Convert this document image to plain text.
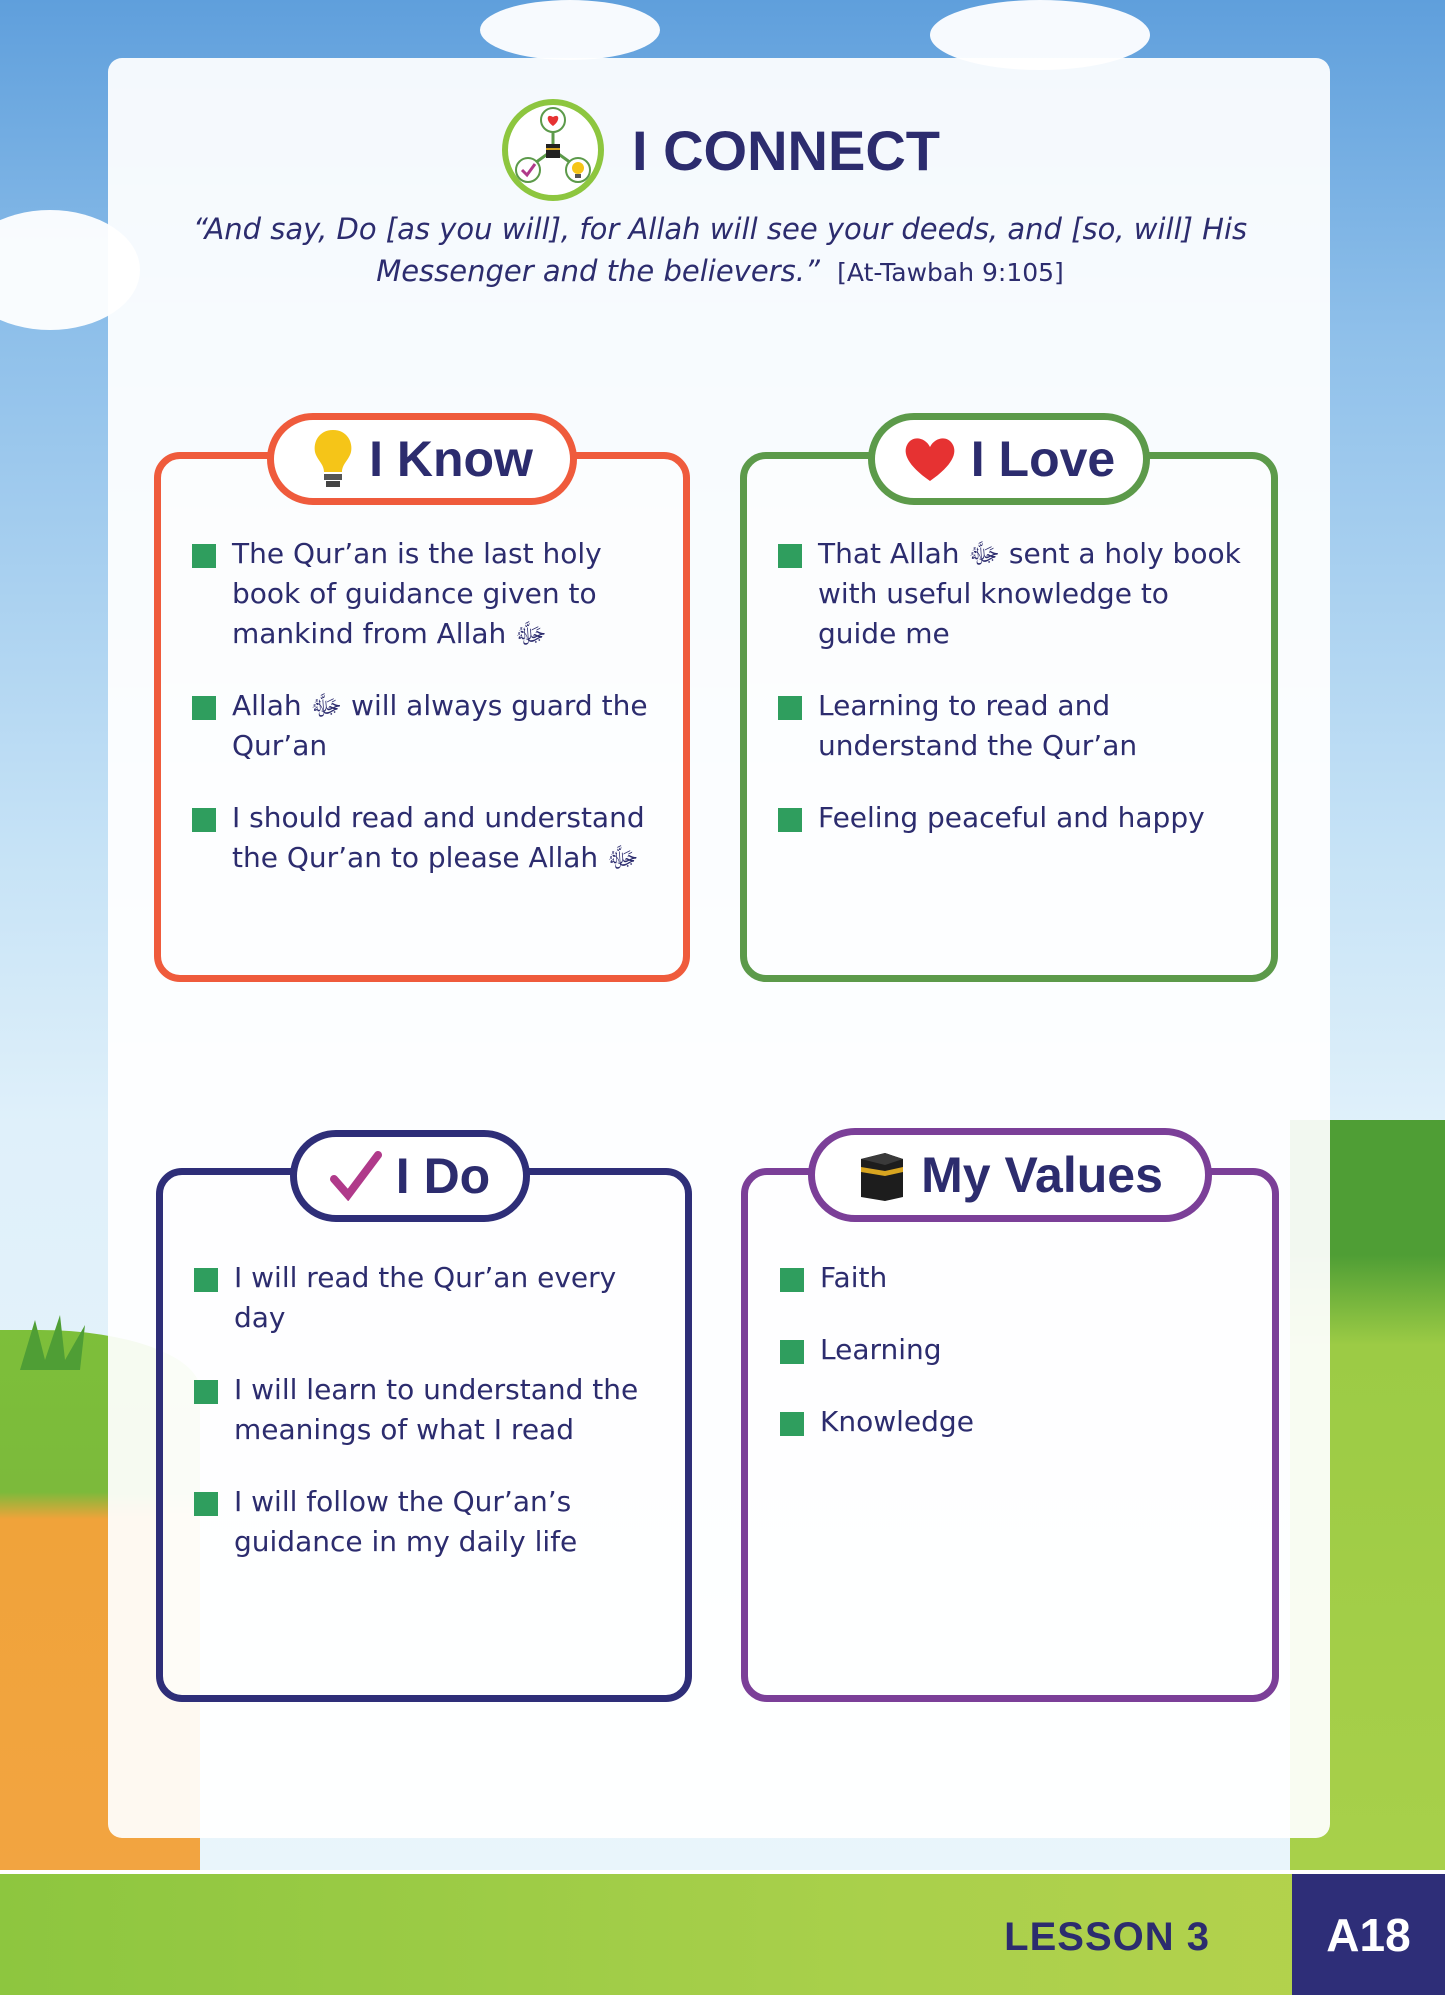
I CONNECT
“And say, Do [as you will], for Allah will see your deeds, and [so, will] His Messenger and the believers.” [At-Tawbah 9:105]
I Know
The Qur’an is the last holy book of guidance given to mankind from Allah ﷻ
Allah ﷻ will always guard the Qur’an
I should read and understand the Qur’an to please Allah ﷻ
I Love
That Allah ﷻ sent a holy book with useful knowledge to guide me
Learning to read and understand the Qur’an
Feeling peaceful and happy
I Do
I will read the Qur’an every day
I will learn to understand the meanings of what I read
I will follow the Qur’an’s guidance in my daily life
My Values
Faith
Learning
Knowledge
LESSON 3	A18
